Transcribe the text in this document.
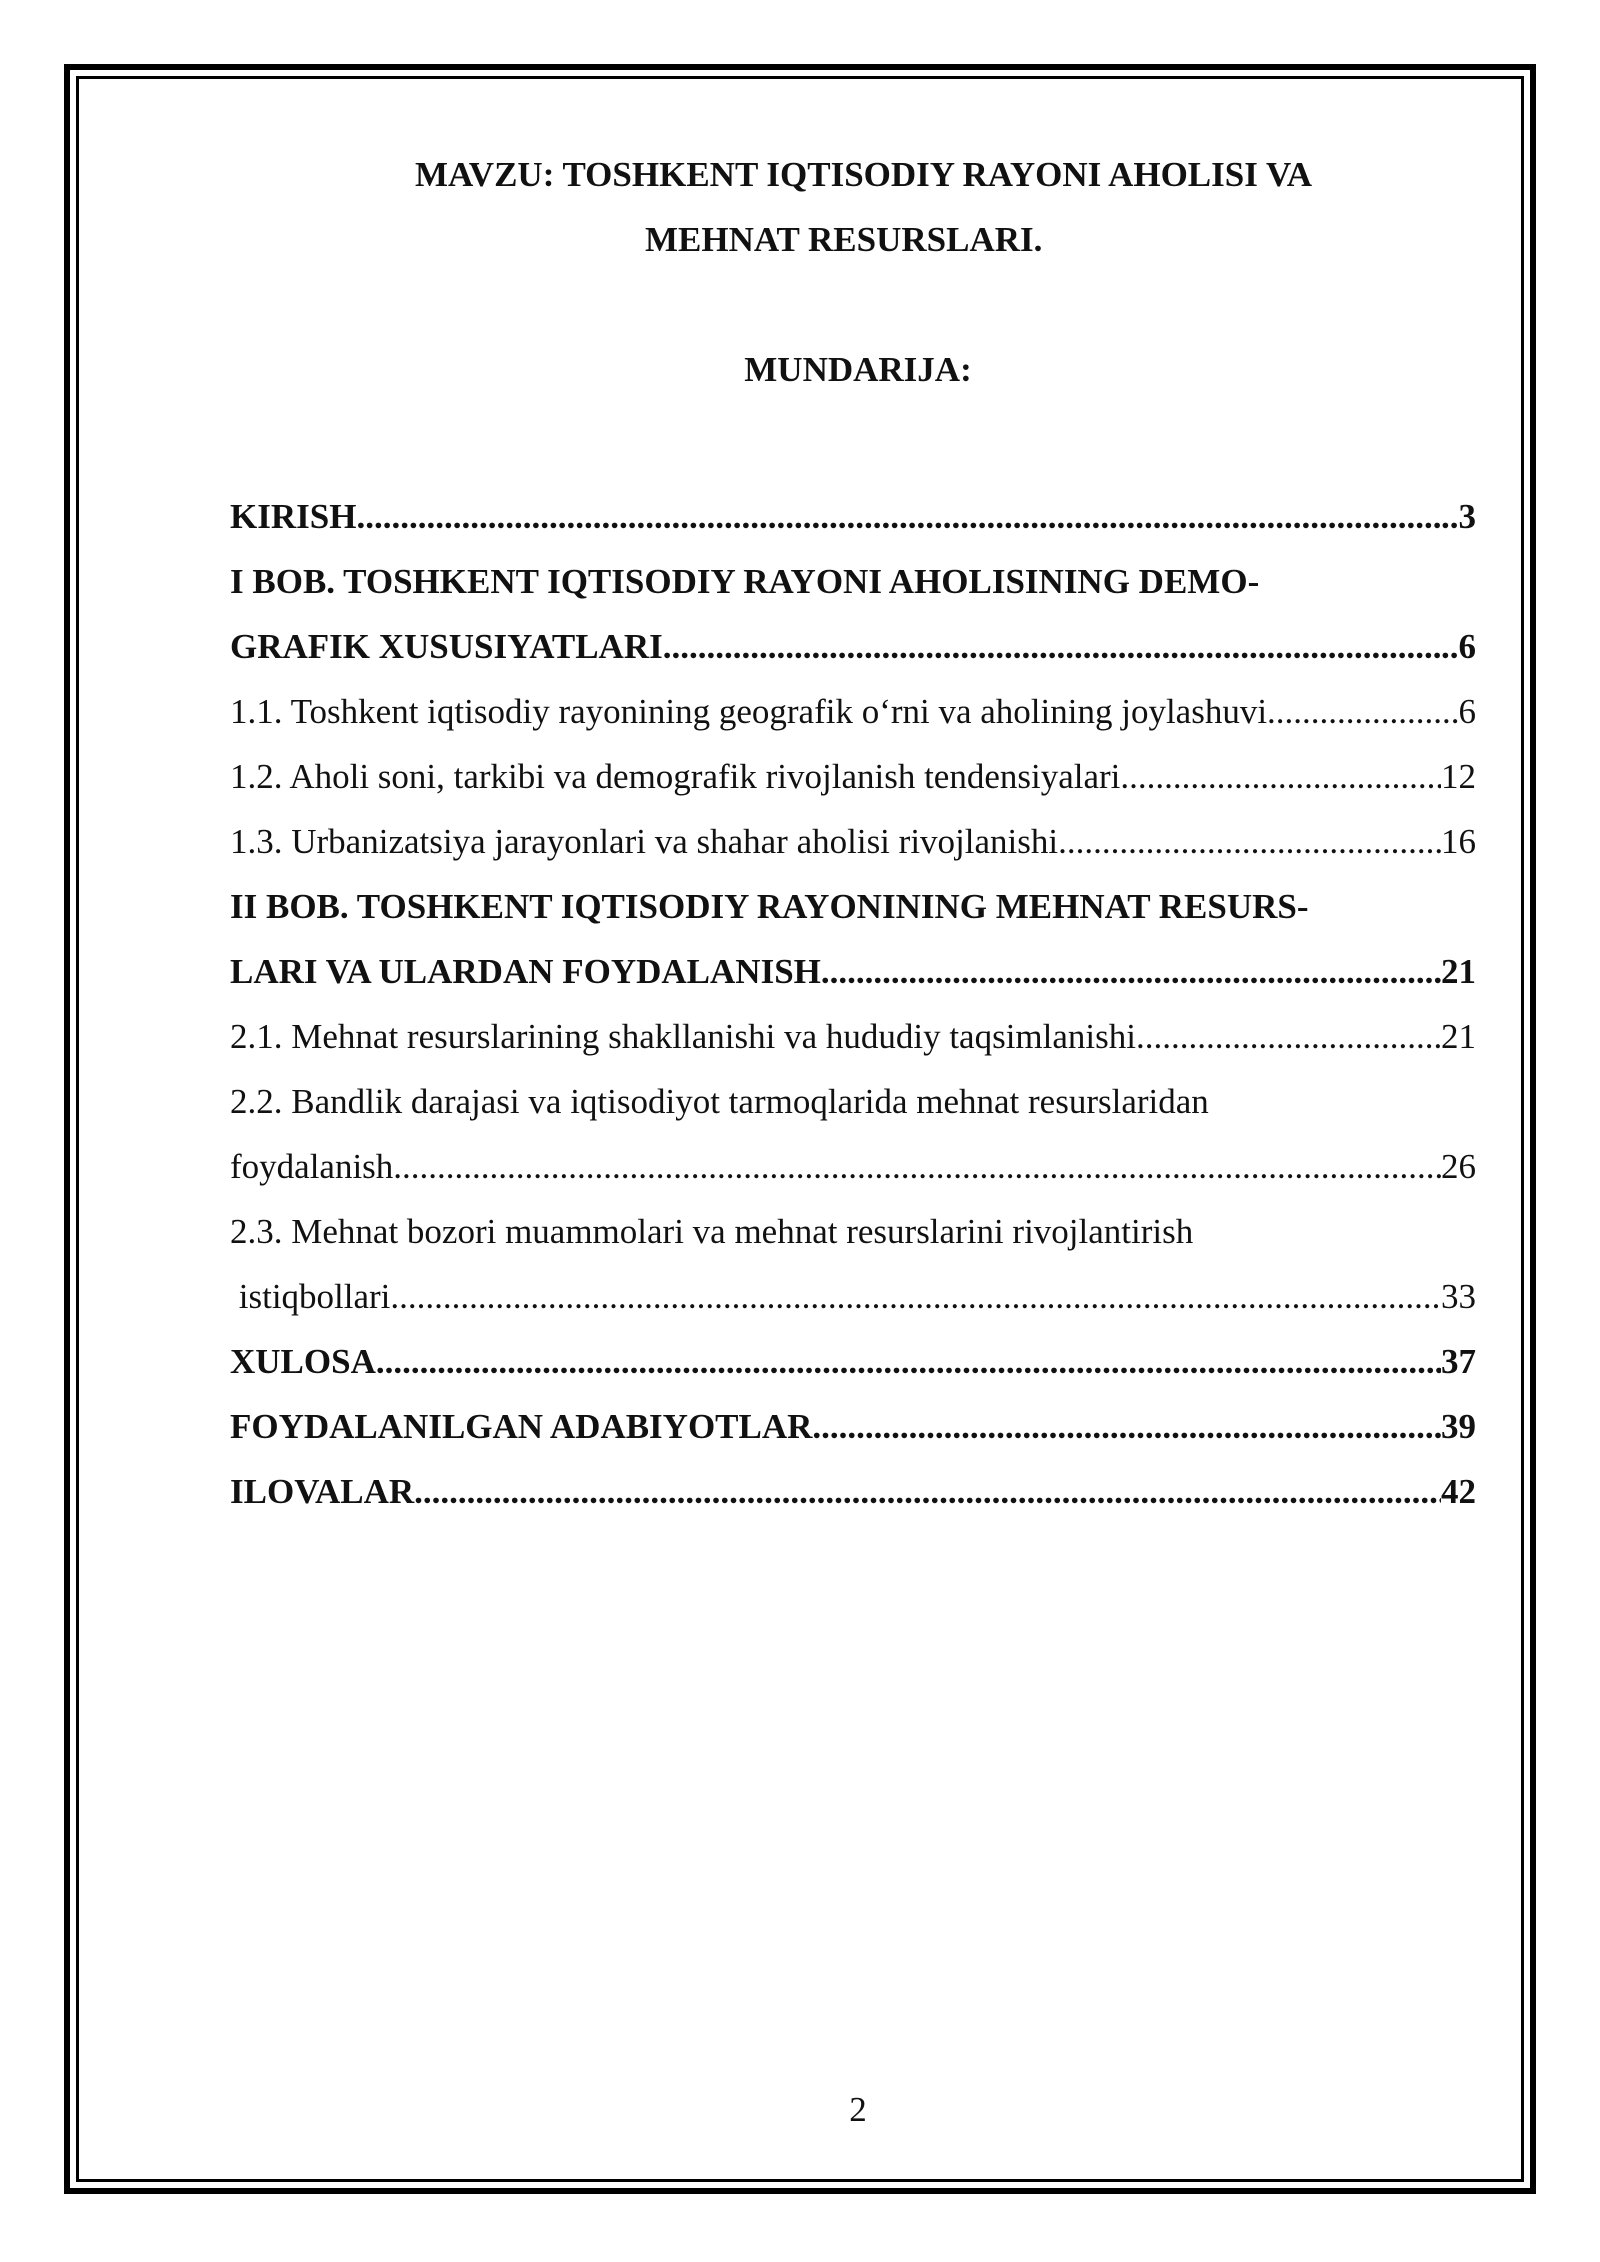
MAVZU: TOSHKENT IQTISODIY RAYONI AHOLISI VA
MEHNAT RESURSLARI.
MUNDARIJA:
KIRISH .....	..3
I BOB. TOSHKENT IQTISODIY RAYONI AHOLISINING DEMO-
GRAFIK XUSUSIYATLARI .....	..6
1.1. Toshkent iqtisodiy rayonining geografik o‘rni va aholining joylashuvi .....	6
1.2. Aholi soni, tarkibi va demografik rivojlanish tendensiyalari .....	12
1.3. Urbanizatsiya jarayonlari va shahar aholisi rivojlanishi .....	16
II BOB. TOSHKENT IQTISODIY RAYONINING MEHNAT RESURS-
LARI VA ULARDAN FOYDALANISH .....	21
2.1. Mehnat resurslarining shakllanishi va hududiy taqsimlanishi .....	21
2.2. Bandlik darajasi va iqtisodiyot tarmoqlarida mehnat resurslaridan
foydalanish .....	26
2.3. Mehnat bozori muammolari va mehnat resurslarini rivojlantirish
istiqbollari .....	33
XULOSA .....	37
FOYDALANILGAN ADABIYOTLAR .....	39
ILOVALAR .....	42
2
